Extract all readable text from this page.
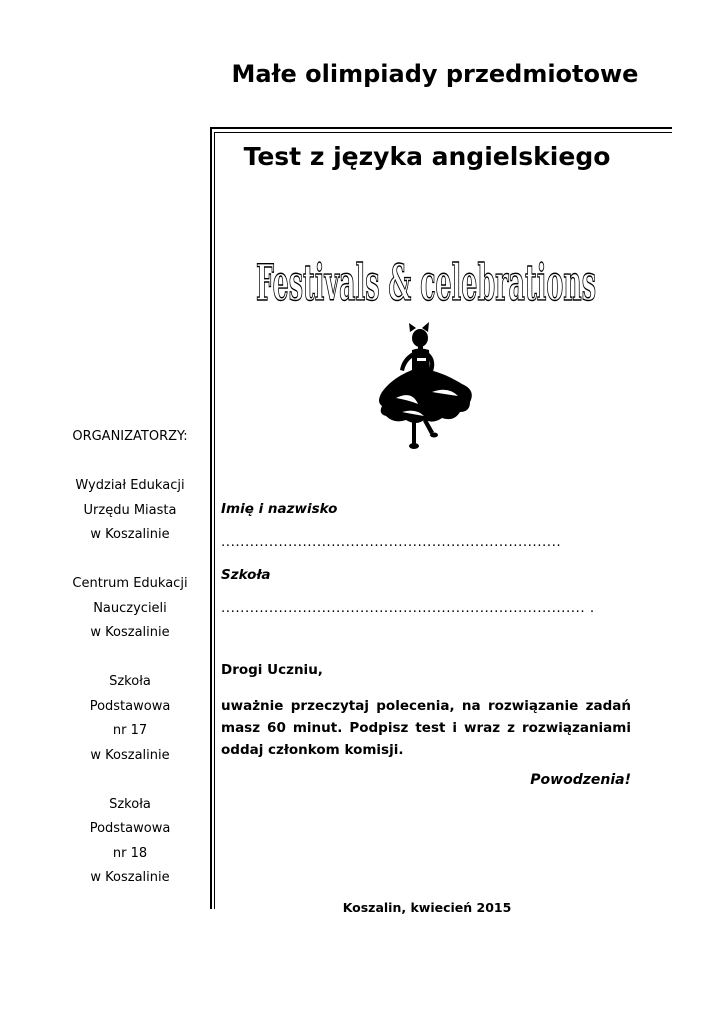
Małe olimpiady przedmiotowe
Test z języka angielskiego
Festivals & celebrations

ORGANIZATORZY:

Wydział Edukacji

Urzędu Miasta

w Koszalinie

Centrum Edukacji

Nauczycieli

w Koszalinie

Szkoła

Podstawowa

nr 17

w Koszalinie

Szkoła

Podstawowa

nr 18

w Koszalinie

Imię i nazwisko
.......................................................................
Szkoła
............................................................................ .
Drogi Uczniu,
uważnie przeczytaj polecenia, na rozwiązanie zadań masz 60 minut. Podpisz test i wraz z rozwiązaniami oddaj członkom komisji.
Powodzenia!
Koszalin, kwiecień 2015
